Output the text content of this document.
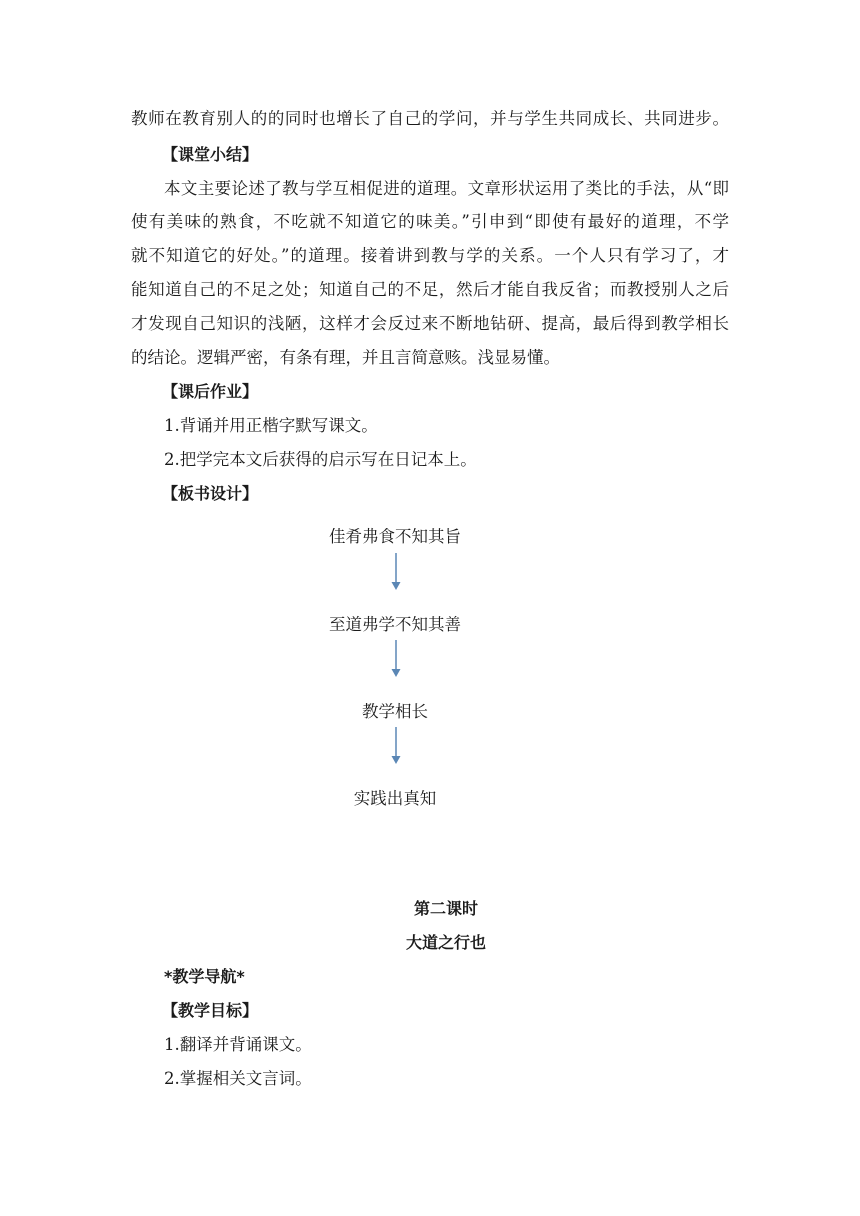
教师在教育别人的的同时也增长了自己的学问，并与学生共同成长、共同进步。

【课堂小结】

本文主要论述了教与学互相促进的道理。文章形状运用了类比的手法，从“即

使有美味的熟食，不吃就不知道它的味美。”引申到“即使有最好的道理，不学

就不知道它的好处。”的道理。接着讲到教与学的关系。一个人只有学习了，才

能知道自己的不足之处；知道自己的不足，然后才能自我反省；而教授别人之后

才发现自己知识的浅陋，这样才会反过来不断地钻研、提高，最后得到教学相长

的结论。逻辑严密，有条有理，并且言简意赅。浅显易懂。

【课后作业】

1.背诵并用正楷字默写课文。

2.把学完本文后获得的启示写在日记本上。

【板书设计】

佳肴弗食不知其旨

至道弗学不知其善

教学相长

实践出真知

第二课时

大道之行也

*教学导航*

【教学目标】

1.翻译并背诵课文。

2.掌握相关文言词。
